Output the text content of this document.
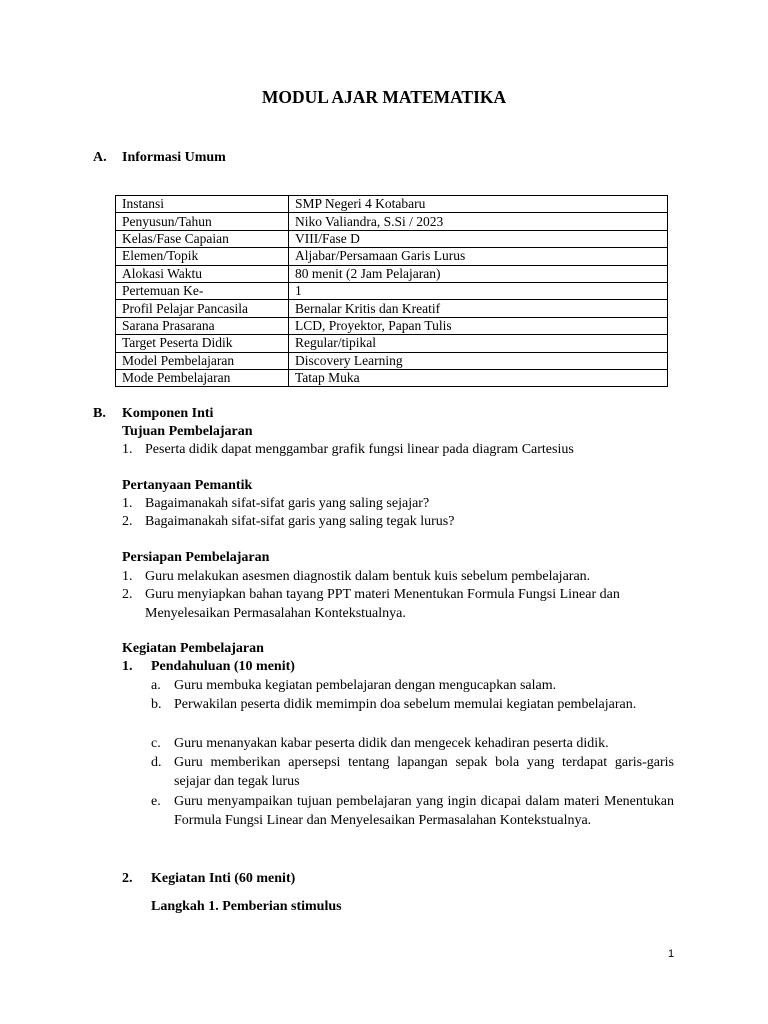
MODUL AJAR MATEMATIKA
A. Informasi Umum
Instansi	SMP Negeri 4 Kotabaru
Penyusun/Tahun	Niko Valiandra, S.Si / 2023
Kelas/Fase Capaian	VIII/Fase D
Elemen/Topik	Aljabar/Persamaan Garis Lurus
Alokasi Waktu	80 menit (2 Jam Pelajaran)
Pertemuan Ke-	1
Profil Pelajar Pancasila	Bernalar Kritis dan Kreatif
Sarana Prasarana	LCD, Proyektor, Papan Tulis
Target Peserta Didik	Regular/tipikal
Model Pembelajaran	Discovery Learning
Mode Pembelajaran	Tatap Muka
B. Komponen Inti
Tujuan Pembelajaran
1. Peserta didik dapat menggambar grafik fungsi linear pada diagram Cartesius
Pertanyaan Pemantik
1. Bagaimanakah sifat-sifat garis yang saling sejajar?
2. Bagaimanakah sifat-sifat garis yang saling tegak lurus?
Persiapan Pembelajaran
1. Guru melakukan asesmen diagnostik dalam bentuk kuis sebelum pembelajaran.
2. Guru menyiapkan bahan tayang PPT materi Menentukan Formula Fungsi Linear dan Menyelesaikan Permasalahan Kontekstualnya.
Kegiatan Pembelajaran
1. Pendahuluan (10 menit)
a. Guru membuka kegiatan pembelajaran dengan mengucapkan salam.
b. Perwakilan peserta didik memimpin doa sebelum memulai kegiatan pembelajaran.
c. Guru menanyakan kabar peserta didik dan mengecek kehadiran peserta didik.
d. Guru memberikan apersepsi tentang lapangan sepak bola yang terdapat garis-garis sejajar dan tegak lurus
e. Guru menyampaikan tujuan pembelajaran yang ingin dicapai dalam materi Menentukan Formula Fungsi Linear dan Menyelesaikan Permasalahan Kontekstualnya.
2. Kegiatan Inti (60 menit)
Langkah 1. Pemberian stimulus
1
